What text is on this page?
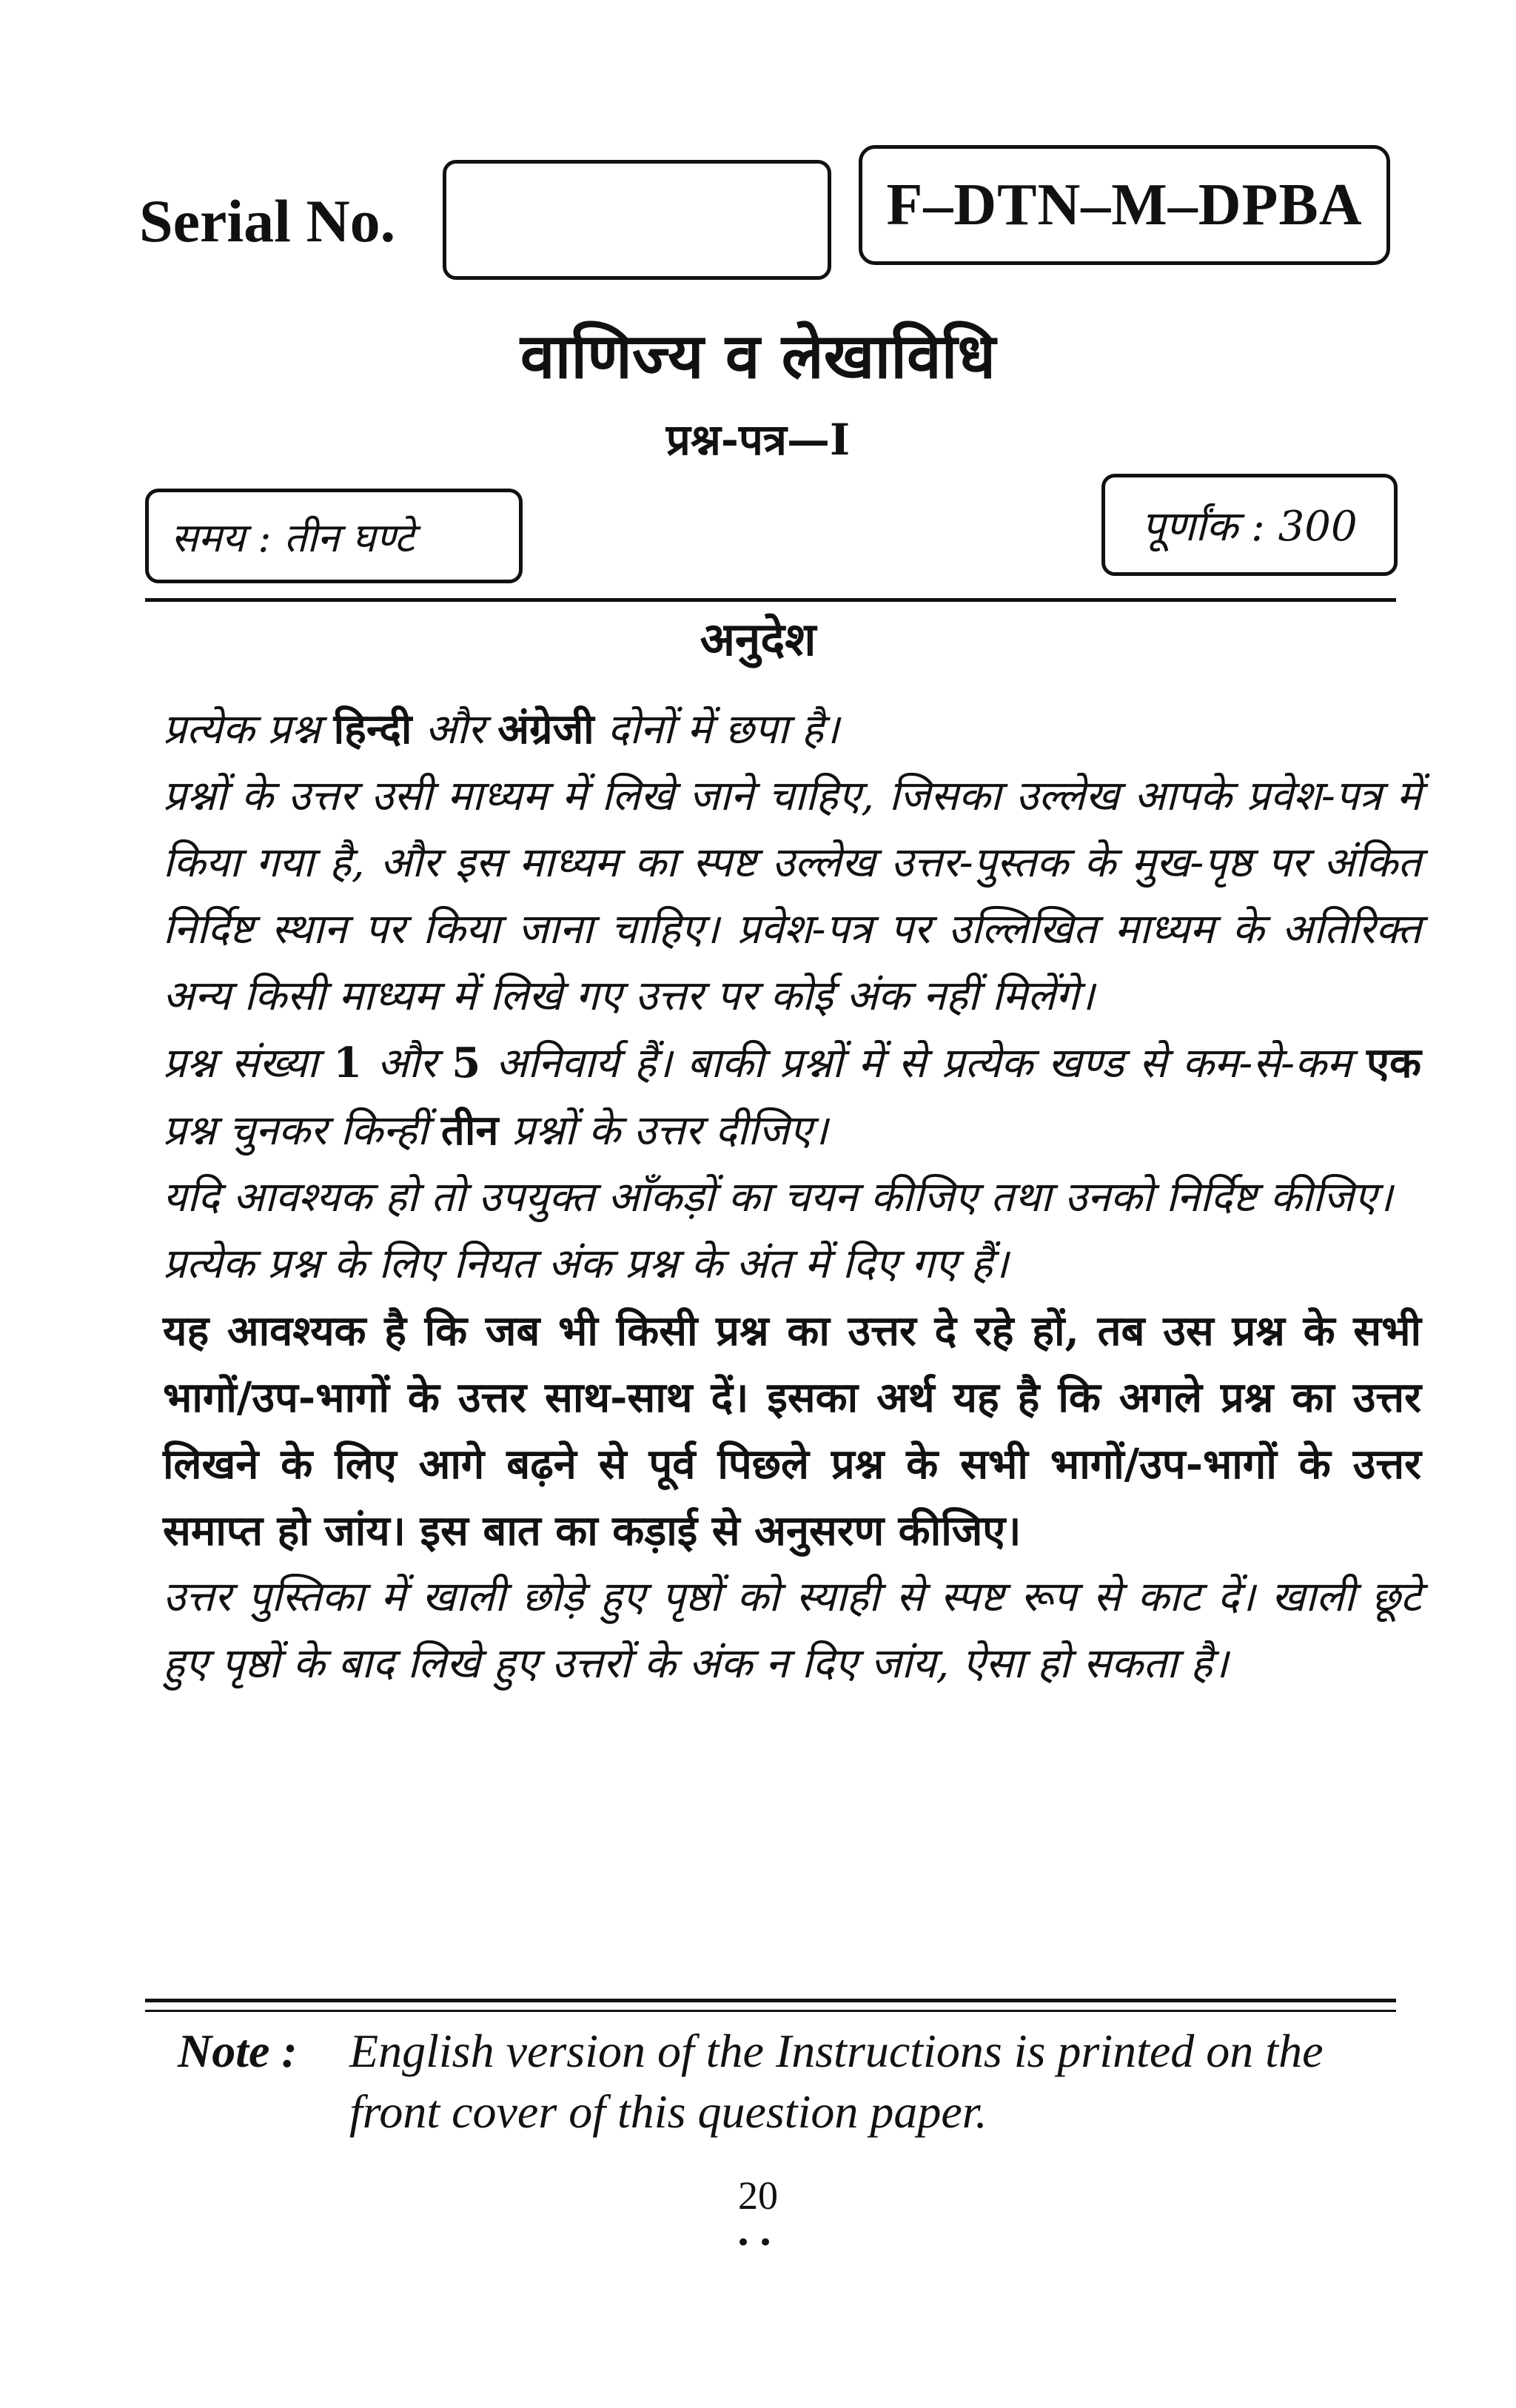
Serial No.	F–DTN–M–DPBA
वाणिज्य व लेखाविधि
प्रश्न-पत्र—I
समय : तीन घण्टे	पूर्णांक : 300
अनुदेश

प्रत्येक प्रश्न हिन्दी और अंग्रेजी दोनों में छपा है।

प्रश्नों के उत्तर उसी माध्यम में लिखे जाने चाहिए, जिसका उल्लेख आपके प्रवेश-पत्र में किया गया है, और इस माध्यम का स्पष्ट उल्लेख उत्तर-पुस्तक के मुख-पृष्ठ पर अंकित निर्दिष्ट स्थान पर किया जाना चाहिए। प्रवेश-पत्र पर उल्लिखित माध्यम के अतिरिक्त अन्य किसी माध्यम में लिखे गए उत्तर पर कोई अंक नहीं मिलेंगे।

प्रश्न संख्या 1 और 5 अनिवार्य हैं। बाकी प्रश्नों में से प्रत्येक खण्ड से कम-से-कम एक प्रश्न चुनकर किन्हीं तीन प्रश्नों के उत्तर दीजिए।

यदि आवश्यक हो तो उपयुक्त आँकड़ों का चयन कीजिए तथा उनको निर्दिष्ट कीजिए।

प्रत्येक प्रश्न के लिए नियत अंक प्रश्न के अंत में दिए गए हैं।

यह आवश्यक है कि जब भी किसी प्रश्न का उत्तर दे रहे हों, तब उस प्रश्न के सभी भागों/उप-भागों के उत्तर साथ-साथ दें। इसका अर्थ यह है कि अगले प्रश्न का उत्तर लिखने के लिए आगे बढ़ने से पूर्व पिछले प्रश्न के सभी भागों/उप-भागों के उत्तर समाप्त हो जांय। इस बात का कड़ाई से अनुसरण कीजिए।

उत्तर पुस्तिका में खाली छोड़े हुए पृष्ठों को स्याही से स्पष्ट रूप से काट दें। खाली छूटे हुए पृष्ठों के बाद लिखे हुए उत्तरों के अंक न दिए जांय, ऐसा हो सकता है।

Note : English version of the Instructions is printed on the
front cover of this question paper.
20
••
